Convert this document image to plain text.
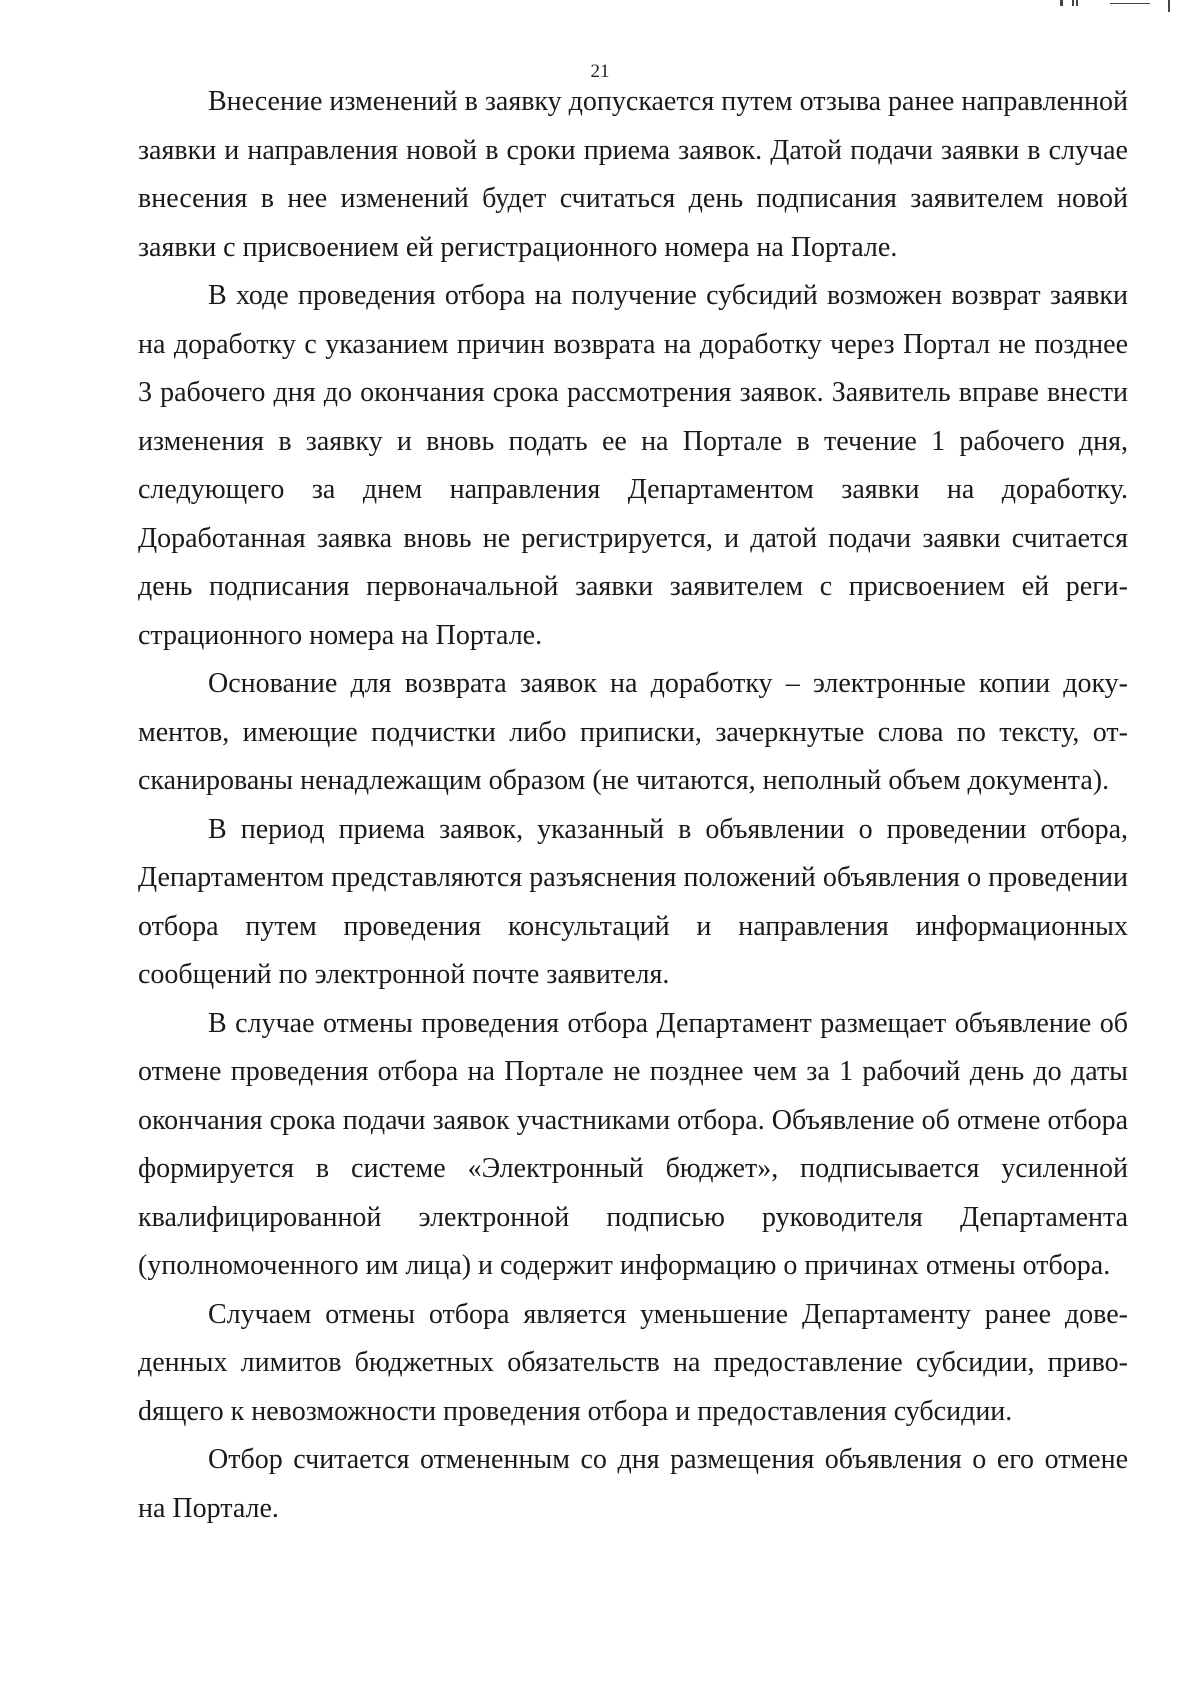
21

Внесение изменений в заявку допускается путем отзыва ранее направленной заявки и направления новой в сроки приема заявок. Датой подачи заявки в случае внесения в нее изменений будет считаться день подписания заявителем новой заявки с присвоением ей регистрационного номера на Портале.

В ходе проведения отбора на получение субсидий возможен возврат заявки на доработку с указанием причин возврата на доработку через Портал не позднее 3 рабочего дня до окончания срока рассмотрения заявок. Заявитель вправе внести изменения в заявку и вновь подать ее на Портале в течение 1 рабочего дня, следующего за днем направления Департаментом заявки на доработку. Доработанная заявка вновь не регистрируется, и датой подачи заявки считается день подписания первоначальной заявки заявителем с присвоением ей регистрационного номера на Портале.

Основание для возврата заявок на доработку – электронные копии документов, имеющие подчистки либо приписки, зачеркнутые слова по тексту, отсканированы ненадлежащим образом (не читаются, неполный объем документа).

В период приема заявок, указанный в объявлении о проведении отбора, Департаментом представляются разъяснения положений объявления о проведении отбора путем проведения консультаций и направления информационных сообщений по электронной почте заявителя.

В случае отмены проведения отбора Департамент размещает объявление об отмене проведения отбора на Портале не позднее чем за 1 рабочий день до даты окончания срока подачи заявок участниками отбора. Объявление об отмене отбора формируется в системе «Электронный бюджет», подписывается усиленной квалифицированной электронной подписью руководителя Департамента (уполномоченного им лица) и содержит информацию о причинах отмены отбора.

Случаем отмены отбора является уменьшение Департаменту ранее доведенных лимитов бюджетных обязательств на предоставление субсидии, привоdящего к невозможности проведения отбора и предоставления субсидии.

Отбор считается отмененным со дня размещения объявления о его отмене на Портале.
